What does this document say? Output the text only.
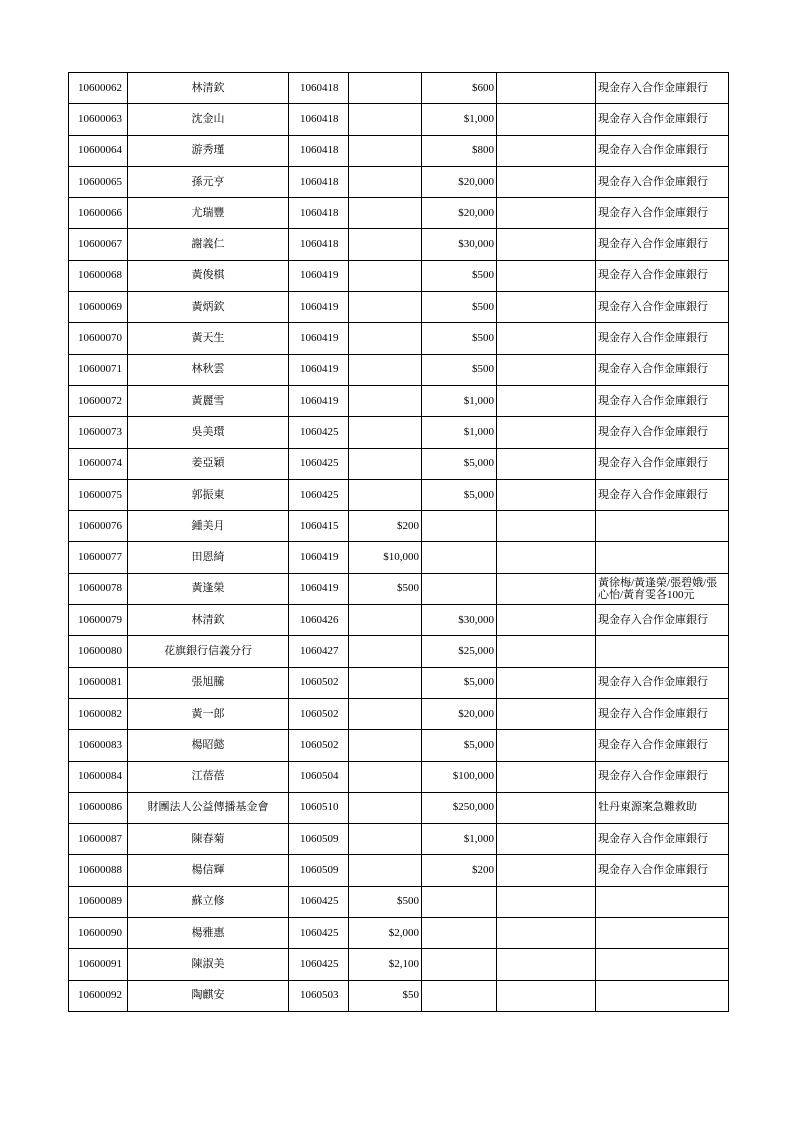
10600062	林清欽	1060418		$600		現金存入合作金庫銀行
10600063	沈金山	1060418		$1,000		現金存入合作金庫銀行
10600064	游秀瑾	1060418		$800		現金存入合作金庫銀行
10600065	孫元亨	1060418		$20,000		現金存入合作金庫銀行
10600066	尤瑞豐	1060418		$20,000		現金存入合作金庫銀行
10600067	謝義仁	1060418		$30,000		現金存入合作金庫銀行
10600068	黃俊棋	1060419		$500		現金存入合作金庫銀行
10600069	黃炳欽	1060419		$500		現金存入合作金庫銀行
10600070	黃天生	1060419		$500		現金存入合作金庫銀行
10600071	林秋雲	1060419		$500		現金存入合作金庫銀行
10600072	黃麗雪	1060419		$1,000		現金存入合作金庫銀行
10600073	吳美環	1060425		$1,000		現金存入合作金庫銀行
10600074	姜亞穎	1060425		$5,000		現金存入合作金庫銀行
10600075	郭振東	1060425		$5,000		現金存入合作金庫銀行
10600076	鍾美月	1060415	$200			
10600077	田恩綺	1060419	$10,000			
10600078	黃逢榮	1060419	$500			黃徐梅/黃逢榮/張碧娥/張心怡/黃育雯各100元
10600079	林清欽	1060426		$30,000		現金存入合作金庫銀行
10600080	花旗銀行信義分行	1060427		$25,000		
10600081	張旭騰	1060502		$5,000		現金存入合作金庫銀行
10600082	黃一郎	1060502		$20,000		現金存入合作金庫銀行
10600083	楊昭懿	1060502		$5,000		現金存入合作金庫銀行
10600084	江蓓蓓	1060504		$100,000		現金存入合作金庫銀行
10600086	財團法人公益傳播基金會	1060510		$250,000		牡丹東源案急難救助
10600087	陳春菊	1060509		$1,000		現金存入合作金庫銀行
10600088	楊信輝	1060509		$200		現金存入合作金庫銀行
10600089	蘇立修	1060425	$500			
10600090	楊雅惠	1060425	$2,000			
10600091	陳淑美	1060425	$2,100			
10600092	陶麒安	1060503	$50			
